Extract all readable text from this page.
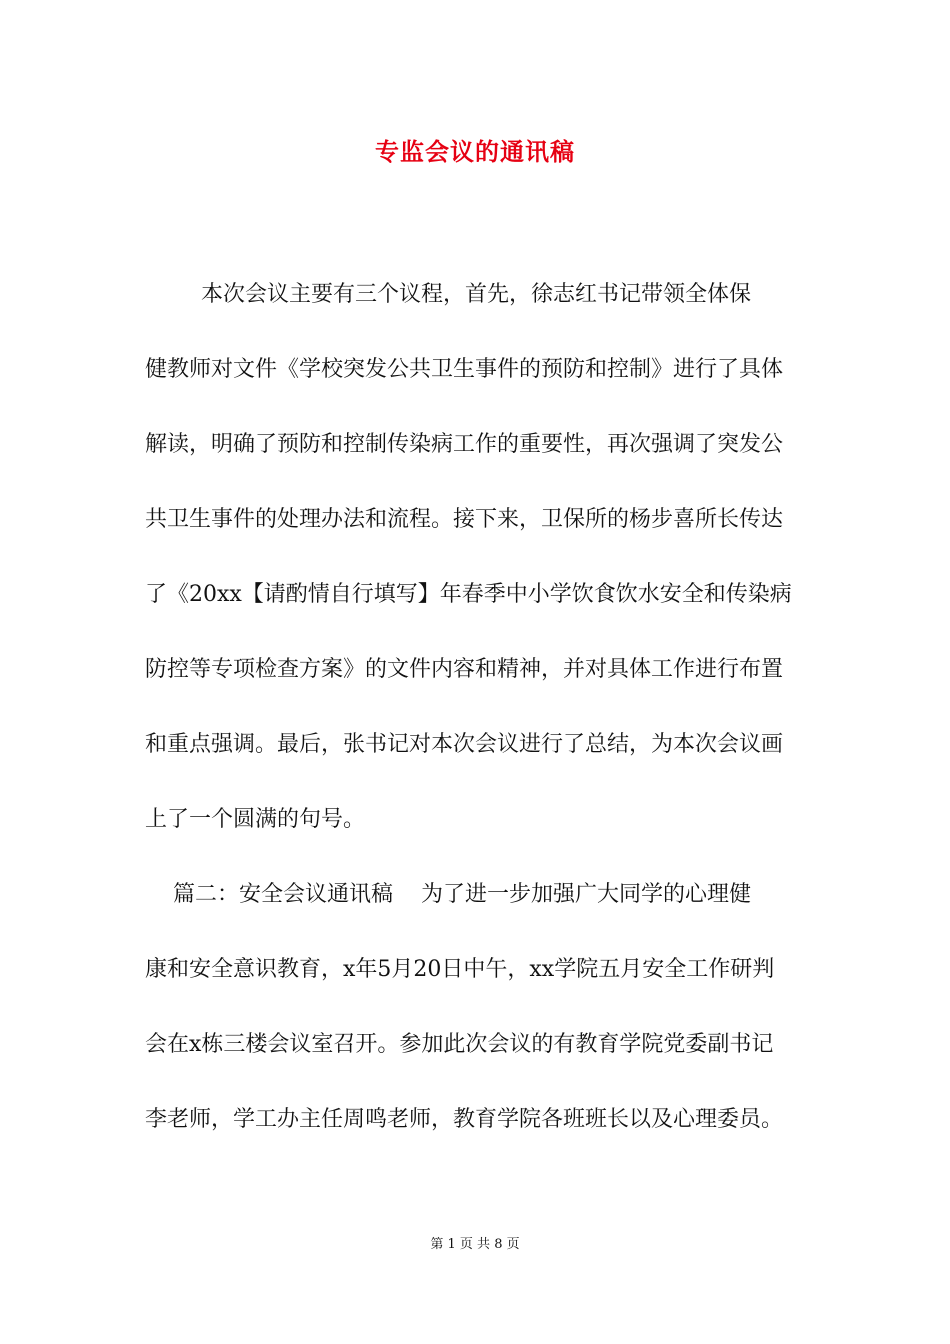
专监会议的通讯稿
本次会议主要有三个议程，首先，徐志红书记带领全体保
健教师对文件《学校突发公共卫生事件的预防和控制》进行了具体
解读，明确了预防和控制传染病工作的重要性，再次强调了突发公
共卫生事件的处理办法和流程。接下来，卫保所的杨步喜所长传达
了《20xx【请酌情自行填写】年春季中小学饮食饮水安全和传染病
防控等专项检查方案》的文件内容和精神，并对具体工作进行布置
和重点强调。最后，张书记对本次会议进行了总结，为本次会议画
上了一个圆满的句号。
篇二：安全会议通讯稿    为了进一步加强广大同学的心理健
康和安全意识教育，x年5月20日中午，xx学院五月安全工作研判
会在x栋三楼会议室召开。参加此次会议的有教育学院党委副书记
李老师，学工办主任周鸣老师，教育学院各班班长以及心理委员。
第 1 页 共 8 页
